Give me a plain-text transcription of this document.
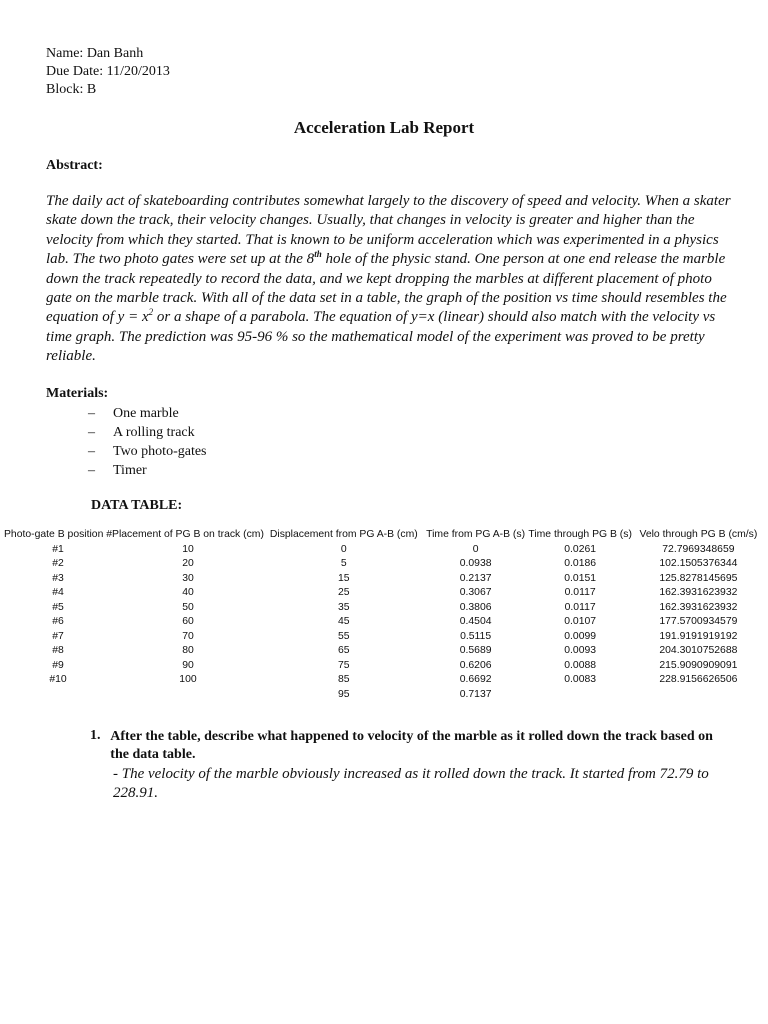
Name: Dan Banh
Due Date: 11/20/2013
Block: B
Acceleration Lab Report
Abstract:
The daily act of skateboarding contributes somewhat largely to the discovery of speed and velocity. When a skater skate down the track, their velocity changes. Usually, that changes in velocity is greater and higher than the velocity from which they started. That is known to be uniform acceleration which was experimented in a physics lab. The two photo gates were set up at the 8th hole of the physic stand. One person at one end release the marble down the track repeatedly to record the data, and we kept dropping the marbles at different placement of photo gate on the marble track. With all of the data set in a table, the graph of the position vs time should resembles the equation of $y = x^2$ or a shape of a parabola. The equation of y=x (linear) should also match with the velocity vs time graph. The prediction was 95-96 % so the mathematical model of the experiment was proved to be pretty reliable.
Materials:
–	One marble
–	A rolling track
–	Two photo-gates
–	Timer
DATA TABLE:
Photo-gate B position #	Placement of PG B on track (cm)	Displacement from PG A-B (cm)	Time from PG A-B (s)	Time through PG B (s)	Velo through PG B (cm/s)
#1	10	0	0	0.0261	72.7969348659
#2	20	5	0.0938	0.0186	102.1505376344
#3	30	15	0.2137	0.0151	125.8278145695
#4	40	25	0.3067	0.0117	162.3931623932
#5	50	35	0.3806	0.0117	162.3931623932
#6	60	45	0.4504	0.0107	177.5700934579
#7	70	55	0.5115	0.0099	191.9191919192
#8	80	65	0.5689	0.0093	204.3010752688
#9	90	75	0.6206	0.0088	215.9090909091
#10	100	85	0.6692	0.0083	228.9156626506
		95	0.7137		
1. After the table, describe what happened to velocity of the marble as it rolled down the track based on the data table.
- The velocity of the marble obviously increased as it rolled down the track. It started from 72.79 to 228.91.
